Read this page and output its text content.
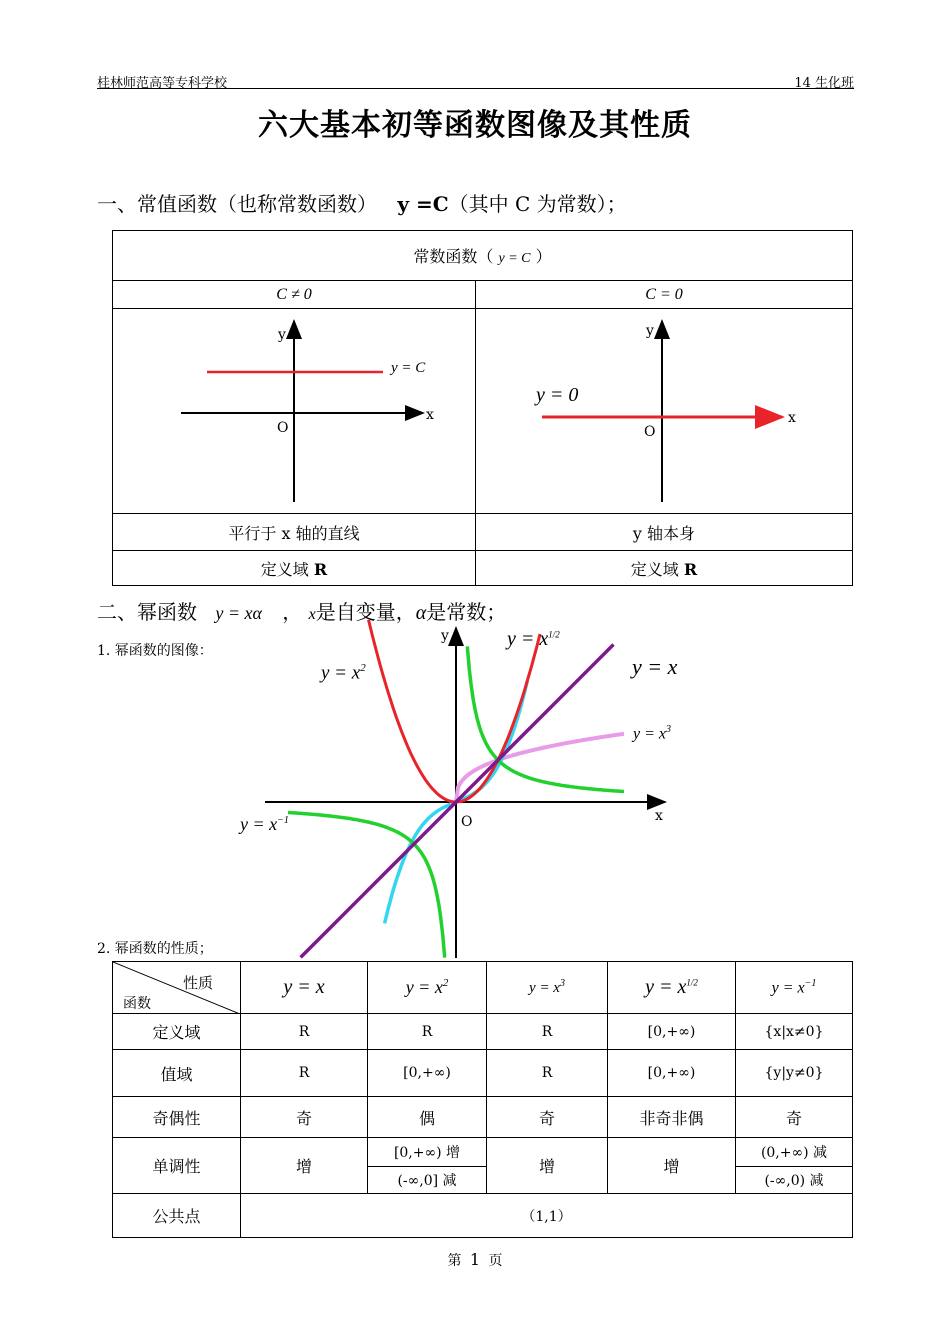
桂林师范高等专科学校	14 生化班
六大基本初等函数图像及其性质
一、常值函数（也称常数函数） y =C（其中 C 为常数）；
常数函数（ y = C ）	
C ≠ 0	C = 0

y
x
O
y = C	y
x
O
y = 0

平行于 x 轴的直线	y 轴本身
定义域 R	定义域 R
二、幂函数 y = xα ， x是自变量，α是常数；
1. 幂函数的图像：
y
x
O
$y = x^{1/2}$
y = x
$y = x^2$
$y = x^3$
$y = x^{-1}$
2. 幂函数的性质；
性质
函数	y = x	$y = x^2$	$y = x^3$	$y = x^{1/2}$	$y = x^{-1}$
定义域	R	R	R	[0,+∞)	{x|x≠0}
值域	R	[0,+∞)	R	[0,+∞)	{y|y≠0}
奇偶性	奇	偶	奇	非奇非偶	奇
单调性	增	[0,+∞) 增	增	增	(0,+∞) 减
		(-∞,0] 减			(-∞,0) 减
公共点	（1,1）				
第 1 页
